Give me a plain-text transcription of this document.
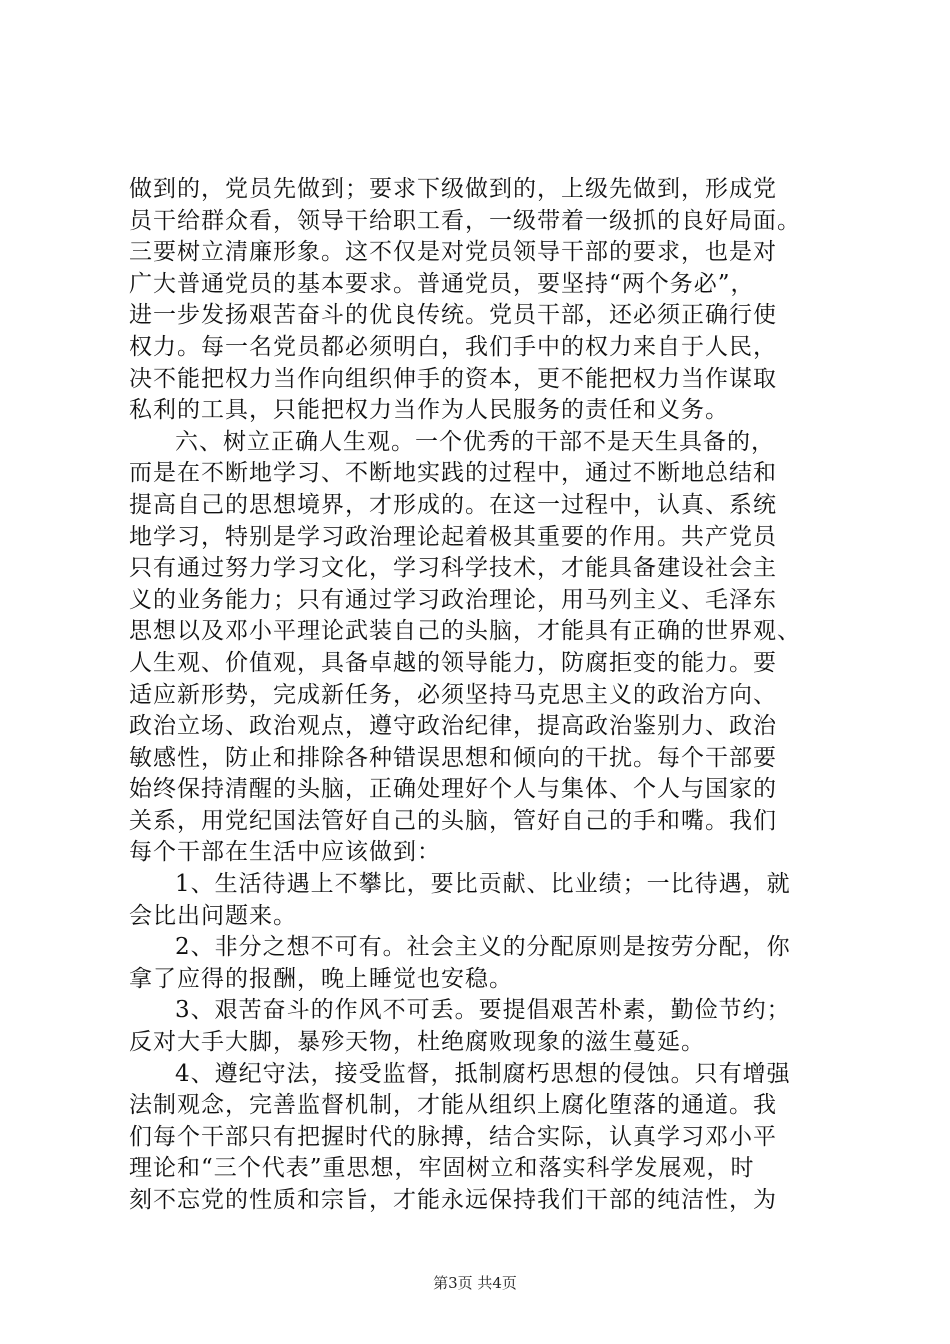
做到的，党员先做到；要求下级做到的，上级先做到，形成党
员干给群众看，领导干给职工看，一级带着一级抓的良好局面。
三要树立清廉形象。这不仅是对党员领导干部的要求，也是对
广大普通党员的基本要求。普通党员，要坚持“两个务必”，
进一步发扬艰苦奋斗的优良传统。党员干部，还必须正确行使
权力。每一名党员都必须明白，我们手中的权力来自于人民，
决不能把权力当作向组织伸手的资本，更不能把权力当作谋取
私利的工具，只能把权力当作为人民服务的责任和义务。
六、树立正确人生观。一个优秀的干部不是天生具备的，
而是在不断地学习、不断地实践的过程中，通过不断地总结和
提高自己的思想境界，才形成的。在这一过程中，认真、系统
地学习，特别是学习政治理论起着极其重要的作用。共产党员
只有通过努力学习文化，学习科学技术，才能具备建设社会主
义的业务能力；只有通过学习政治理论，用马列主义、毛泽东
思想以及邓小平理论武装自己的头脑，才能具有正确的世界观、
人生观、价值观，具备卓越的领导能力，防腐拒变的能力。要
适应新形势，完成新任务，必须坚持马克思主义的政治方向、
政治立场、政治观点，遵守政治纪律，提高政治鉴别力、政治
敏感性，防止和排除各种错误思想和倾向的干扰。每个干部要
始终保持清醒的头脑，正确处理好个人与集体、个人与国家的
关系，用党纪国法管好自己的头脑，管好自己的手和嘴。我们
每个干部在生活中应该做到：
1、生活待遇上不攀比，要比贡献、比业绩；一比待遇，就
会比出问题来。
2、非分之想不可有。社会主义的分配原则是按劳分配，你
拿了应得的报酬，晚上睡觉也安稳。
3、艰苦奋斗的作风不可丢。要提倡艰苦朴素，勤俭节约；
反对大手大脚，暴殄天物，杜绝腐败现象的滋生蔓延。
4、遵纪守法，接受监督，抵制腐朽思想的侵蚀。只有增强
法制观念，完善监督机制，才能从组织上腐化堕落的通道。我
们每个干部只有把握时代的脉搏，结合实际，认真学习邓小平
理论和“三个代表”重思想，牢固树立和落实科学发展观，时
刻不忘党的性质和宗旨，才能永远保持我们干部的纯洁性，为
第3页 共4页
